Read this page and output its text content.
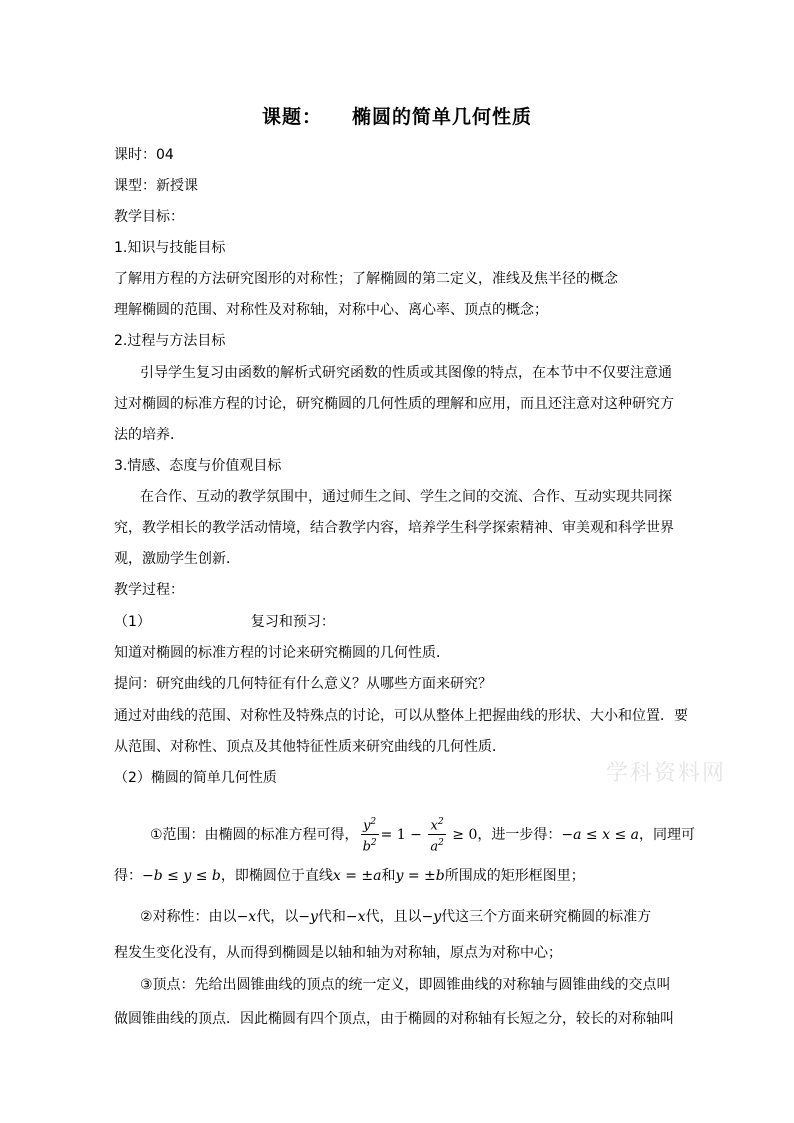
课题： 椭圆的简单几何性质
课时：04
课型：新授课
教学目标：
1.知识与技能目标
了解用方程的方法研究图形的对称性；了解椭圆的第二定义，准线及焦半径的概念
理解椭圆的范围、对称性及对称轴，对称中心、离心率、顶点的概念；
2.过程与方法目标
引导学生复习由函数的解析式研究函数的性质或其图像的特点，在本节中不仅要注意通
过对椭圆的标准方程的讨论，研究椭圆的几何性质的理解和应用，而且还注意对这种研究方
法的培养．
3.情感、态度与价值观目标
在合作、互动的教学氛围中，通过师生之间、学生之间的交流、合作、互动实现共同探
究，教学相长的教学活动情境，结合教学内容，培养学生科学探索精神、审美观和科学世界
观，激励学生创新．
教学过程：
（1）	复习和预习：
知道对椭圆的标准方程的讨论来研究椭圆的几何性质．
提问：研究曲线的几何特征有什么意义？从哪些方面来研究？
通过对曲线的范围、对称性及特殊点的讨论，可以从整体上把握曲线的形状、大小和位置．要
从范围、对称性、顶点及其他特征性质来研究曲线的几何性质．
（2）椭圆的简单几何性质
①范围：由椭圆的标准方程可得， $\frac{y^2}{b^2} = 1 - \frac{x^2}{a^2} \ge 0$，进一步得：−a ≤ x ≤ a，同理可
得：−b ≤ y ≤ b，即椭圆位于直线x = ±a和y = ±b所围成的矩形框图里；
②对称性：由以−x代，以−y代和−x代，且以−y代这三个方面来研究椭圆的标准方
程发生变化没有，从而得到椭圆是以轴和轴为对称轴，原点为对称中心；
③顶点：先给出圆锥曲线的顶点的统一定义，即圆锥曲线的对称轴与圆锥曲线的交点叫
做圆锥曲线的顶点．因此椭圆有四个顶点，由于椭圆的对称轴有长短之分，较长的对称轴叫
学科资料网
